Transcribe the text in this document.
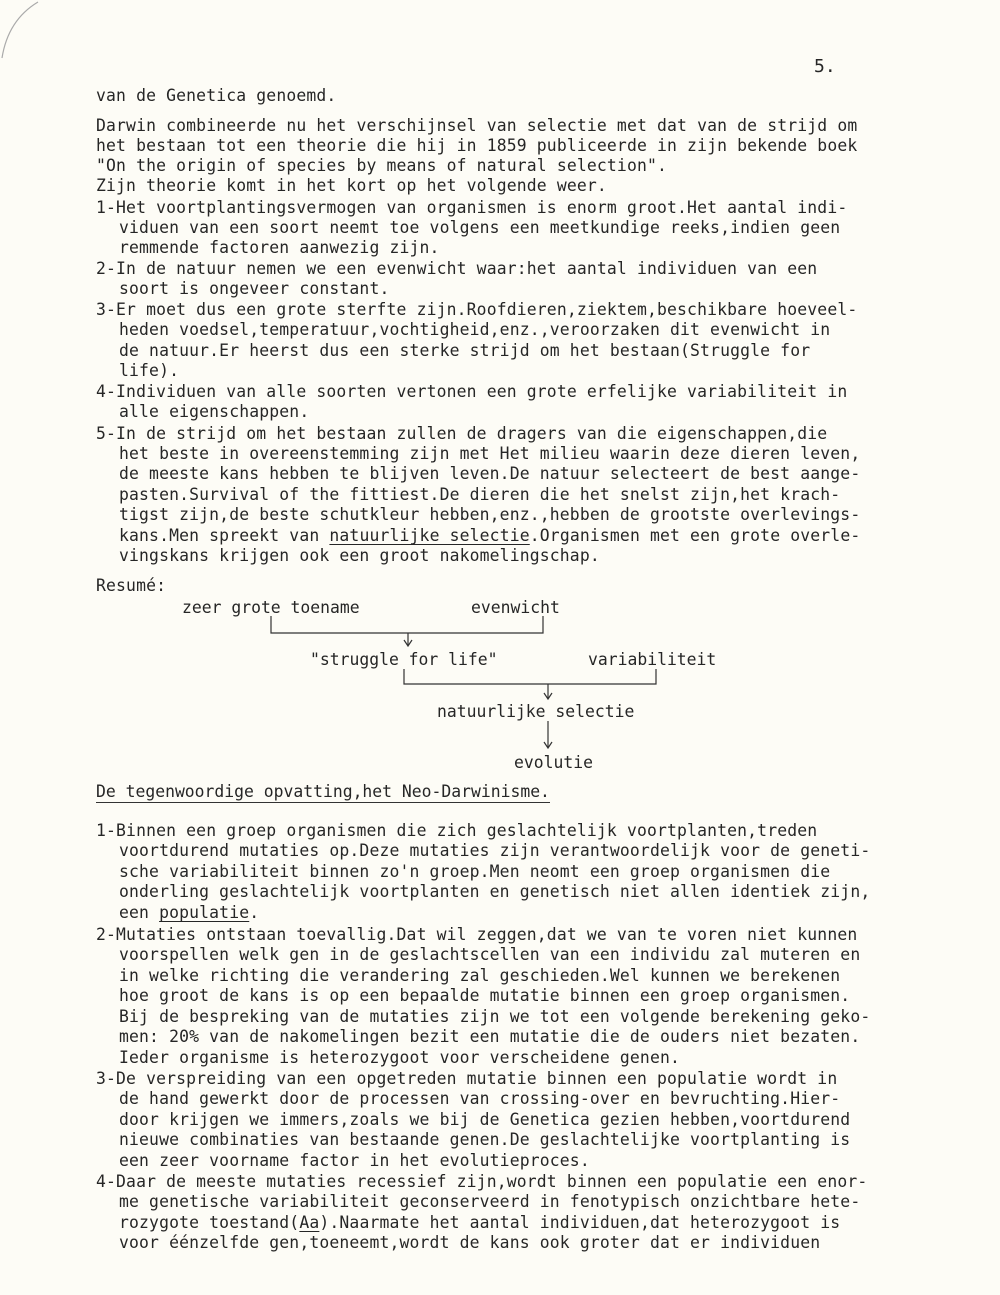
5.

van de Genetica genoemd.

Darwin combineerde nu het verschijnsel van selectie met dat van de strijd om

het bestaan tot een theorie die hij in 1859 publiceerde in zijn bekende boek

"On the origin of species by means of natural selection".

Zijn theorie komt in het kort op het volgende weer.

1-Het voortplantingsvermogen van organismen is enorm groot.Het aantal indi-

viduen van een soort neemt toe volgens een meetkundige reeks,indien geen

remmende factoren aanwezig zijn.

2-In de natuur nemen we een evenwicht waar:het aantal individuen van een

soort is ongeveer constant.

3-Er moet dus een grote sterfte zijn.Roofdieren,ziektem,beschikbare hoeveel-

heden voedsel,temperatuur,vochtigheid,enz.,veroorzaken dit evenwicht in

de natuur.Er heerst dus een sterke strijd om het bestaan(Struggle for

life).

4-Individuen van alle soorten vertonen een grote erfelijke variabiliteit in

alle eigenschappen.

5-In de strijd om het bestaan zullen de dragers van die eigenschappen,die

het beste in overeenstemming zijn met Het milieu waarin deze dieren leven,

de meeste kans hebben te blijven leven.De natuur selecteert de best aange-

pasten.Survival of the fittiest.De dieren die het snelst zijn,het krach-

tigst zijn,de beste schutkleur hebben,enz.,hebben de grootste overlevings-

kans.Men spreekt van natuurlijke selectie.Organismen met een grote overle-

vingskans krijgen ook een groot nakomelingschap.

Resumé:

zeer grote toename	evenwicht

"struggle for life"	variabiliteit

natuurlijke selectie

evolutie

De tegenwoordige opvatting,het Neo-Darwinisme.

1-Binnen een groep organismen die zich geslachtelijk voortplanten,treden

voortdurend mutaties op.Deze mutaties zijn verantwoordelijk voor de geneti-

sche variabiliteit binnen zo'n groep.Men neomt een groep organismen die

onderling geslachtelijk voortplanten en genetisch niet allen identiek zijn,

een populatie.

2-Mutaties ontstaan toevallig.Dat wil zeggen,dat we van te voren niet kunnen

voorspellen welk gen in de geslachtscellen van een individu zal muteren en

in welke richting die verandering zal geschieden.Wel kunnen we berekenen

hoe groot de kans is op een bepaalde mutatie binnen een groep organismen.

Bij de bespreking van de mutaties zijn we tot een volgende berekening geko-

men: 20% van de nakomelingen bezit een mutatie die de ouders niet bezaten.

Ieder organisme is heterozygoot voor verscheidene genen.

3-De verspreiding van een opgetreden mutatie binnen een populatie wordt in

de hand gewerkt door de processen van crossing-over en bevruchting.Hier-

door krijgen we immers,zoals we bij de Genetica gezien hebben,voortdurend

nieuwe combinaties van bestaande genen.De geslachtelijke voortplanting is

een zeer voorname factor in het evolutieproces.

4-Daar de meeste mutaties recessief zijn,wordt binnen een populatie een enor-

me genetische variabiliteit geconserveerd in fenotypisch onzichtbare hete-

rozygote toestand(Aa).Naarmate het aantal individuen,dat heterozygoot is

voor éénzelfde gen,toeneemt,wordt de kans ook groter dat er individuen
